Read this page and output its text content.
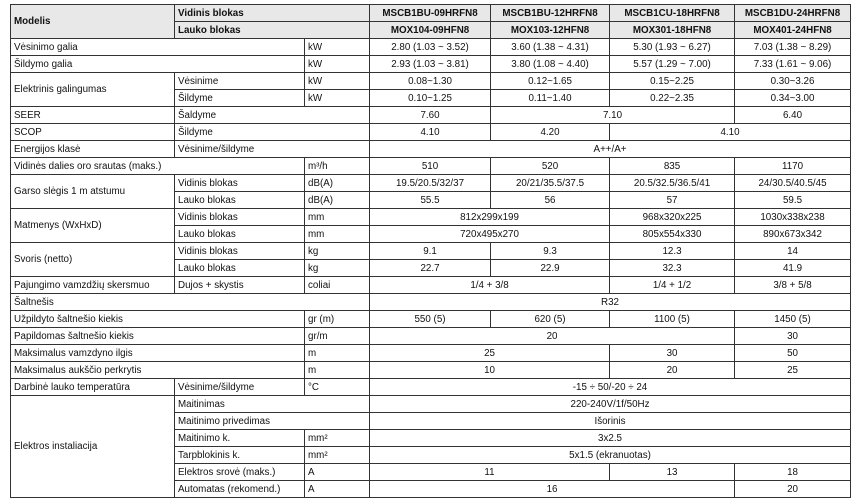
Modelis	Vidinis blokas		MSCB1BU-09HRFN8	MSCB1BU-12HRFN8	MSCB1CU-18HRFN8	MSCB1DU-24HRFN8
	Lauko blokas		MOX104-09HFN8	MOX103-12HFN8	MOX301-18HFN8	MOX401-24HFN8
Vėsinimo galia		kW	2.80 (1.03 ~ 3.52)	3.60 (1.38 ~ 4.31)	5.30 (1.93 ~ 6.27)	7.03 (1.38 ~ 8.29)
Šildymo galia		kW	2.93 (1.03 ~ 3.81)	3.80 (1.08 ~ 4.40)	5.57 (1.29 ~ 7.00)	7.33 (1.61 ~ 9.06)
Elektrinis galingumas	Vėsinime	kW	0.08~1.30	0.12~1.65	0.15~2.25	0.30~3.26
	Šildyme	kW	0.10~1.25	0.11~1.40	0.22~2.35	0.34~3.00
SEER	Šaldyme		7.60	7.10		6.40
SCOP	Šildyme		4.10	4.20	4.10	
Energijos klasė	Vėsinime/šildyme		A++/A+			
Vidinės dalies oro srautas (maks.)		m³/h	510	520	835	1170
Garso slėgis 1 m atstumu	Vidinis blokas	dB(A)	19.5/20.5/32/37	20/21/35.5/37.5	20.5/32.5/36.5/41	24/30.5/40.5/45
	Lauko blokas	dB(A)	55.5	56	57	59.5
Matmenys (WxHxD)	Vidinis blokas	mm	812x299x199		968x320x225	1030x338x238
	Lauko blokas	mm	720x495x270		805x554x330	890x673x342
Svoris (netto)	Vidinis blokas	kg	9.1	9.3	12.3	14
	Lauko blokas	kg	22.7	22.9	32.3	41.9
Pajungimo vamzdžių skersmuo	Dujos + skystis	coliai	1/4 + 3/8		1/4 + 1/2	3/8 + 5/8
Šaltnešis			R32			
Užpildyto šaltnešio kiekis		gr (m)	550 (5)	620 (5)	1100 (5)	1450 (5)
Papildomas šaltnešio kiekis		gr/m	20			30
Maksimalus vamzdyno ilgis		m	25		30	50
Maksimalus aukščio perkrytis		m	10		20	25
Darbinė lauko temperatūra	Vėsinime/šildyme	°C	-15 ÷ 50/-20 ÷ 24			
Elektros instaliacija	Maitinimas		220-240V/1f/50Hz			
	Maitinimo privedimas		Išorinis			
	Maitinimo k.	mm²	3x2.5			
	Tarpblokinis k.	mm²	5x1.5 (ekranuotas)			
	Elektros srovė (maks.)	A	11		13	18
	Automatas (rekomend.)	A	16			20
